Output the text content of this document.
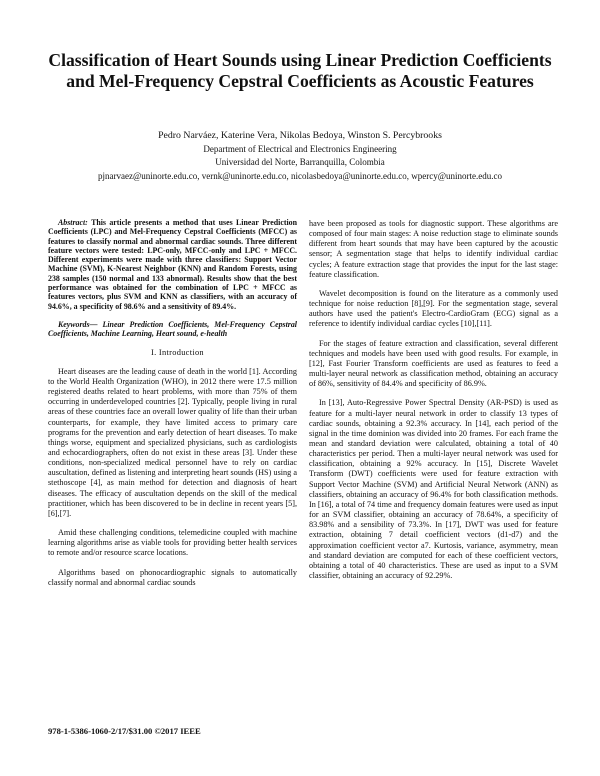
Classification of Heart Sounds using Linear Prediction Coefficients and Mel-Frequency Cepstral Coefficients as Acoustic Features
Pedro Narváez, Katerine Vera, Nikolas Bedoya, Winston S. Percybrooks
Department of Electrical and Electronics Engineering
Universidad del Norte, Barranquilla, Colombia
pjnarvaez@uninorte.edu.co, vernk@uninorte.edu.co, nicolasbedoya@uninorte.edu.co, wpercy@uninorte.edu.co

Abstract: This article presents a method that uses Linear Prediction Coefficients (LPC) and Mel-Frequency Cepstral Coefficients (MFCC) as features to classify normal and abnormal cardiac sounds. Three different feature vectors were tested: LPC-only, MFCC-only and LPC + MFCC. Different experiments were made with three classifiers: Support Vector Machine (SVM), K-Nearest Neighbor (KNN) and Random Forests, using 238 samples (150 normal and 133 abnormal). Results show that the best performance was obtained for the combination of LPC + MFCC as features vectors, plus SVM and KNN as classifiers, with an accuracy of 94.6%, a specificity of 98.6% and a sensitivity of 89.4%.

Keywords— Linear Prediction Coefficients, Mel-Frequency Cepstral Coefficients, Machine Learning, Heart sound, e-health

I. Introduction

Heart diseases are the leading cause of death in the world [1]. According to the World Health Organization (WHO), in 2012 there were 17.5 million registered deaths related to heart problems, with more than 75% of them occurring in underdeveloped countries [2]. Typically, people living in rural areas of these countries face an overall lower quality of life than their urban counterparts, for example, they have limited access to primary care programs for the prevention and early detection of heart diseases. To make things worse, equipment and specialized physicians, such as cardiologists and echocardiographers, often do not exist in these areas [3]. Under these conditions, non-specialized medical personnel have to rely on cardiac auscultation, defined as listening and interpreting heart sounds (HS) using a stethoscope [4], as main method for detection and diagnosis of heart diseases. The efficacy of auscultation depends on the skill of the medical practitioner, which has been discovered to be in decline in recent years [5],[6],[7].

Amid these challenging conditions, telemedicine coupled with machine learning algorithms arise as viable tools for providing better health services to remote and/or resource scarce locations.

Algorithms based on phonocardiographic signals to automatically classify normal and abnormal cardiac sounds

have been proposed as tools for diagnostic support. These algorithms are composed of four main stages: A noise reduction stage to eliminate sounds different from heart sounds that may have been captured by the acoustic sensor; A segmentation stage that helps to identify individual cardiac cycles; A feature extraction stage that provides the input for the last stage: feature classification.

Wavelet decomposition is found on the literature as a commonly used technique for noise reduction [8],[9]. For the segmentation stage, several authors have used the patient's Electro-CardioGram (ECG) signal as a reference to identify individual cardiac cycles [10],[11].

For the stages of feature extraction and classification, several different techniques and models have been used with good results. For example, in [12], Fast Fourier Transform coefficients are used as features to feed a multi-layer neural network as classification method, obtaining an accuracy of 86%, sensitivity of 84.4% and specificity of 86.9%.

In [13], Auto-Regressive Power Spectral Density (AR-PSD) is used as feature for a multi-layer neural network in order to classify 13 types of cardiac sounds, obtaining a 92.3% accuracy. In [14], each period of the signal in the time dominion was divided into 20 frames. For each frame the mean and standard deviation were calculated, obtaining a total of 40 characteristics per period. Then a multi-layer neural network was used for classification, obtaining a 92% accuracy. In [15], Discrete Wavelet Transform (DWT) coefficients were used for feature extraction with Support Vector Machine (SVM) and Artificial Neural Network (ANN) as classifiers, obtaining an accuracy of 96.4% for both classification methods. In [16], a total of 74 time and frequency domain features were used as input for an SVM classifier, obtaining an accuracy of 78.64%, a specificity of 83.98% and a sensibility of 73.3%. In [17], DWT was used for feature extraction, obtaining 7 detail coefficient vectors (d1-d7) and the approximation coefficient vector a7. Kurtosis, variance, asymmetry, mean and standard deviation are computed for each of these coefficient vectors, obtaining a total of 40 characteristics. These are used as input to a SVM classifier, obtaining an accuracy of 92.29%.

978-1-5386-1060-2/17/$31.00 ©2017 IEEE
